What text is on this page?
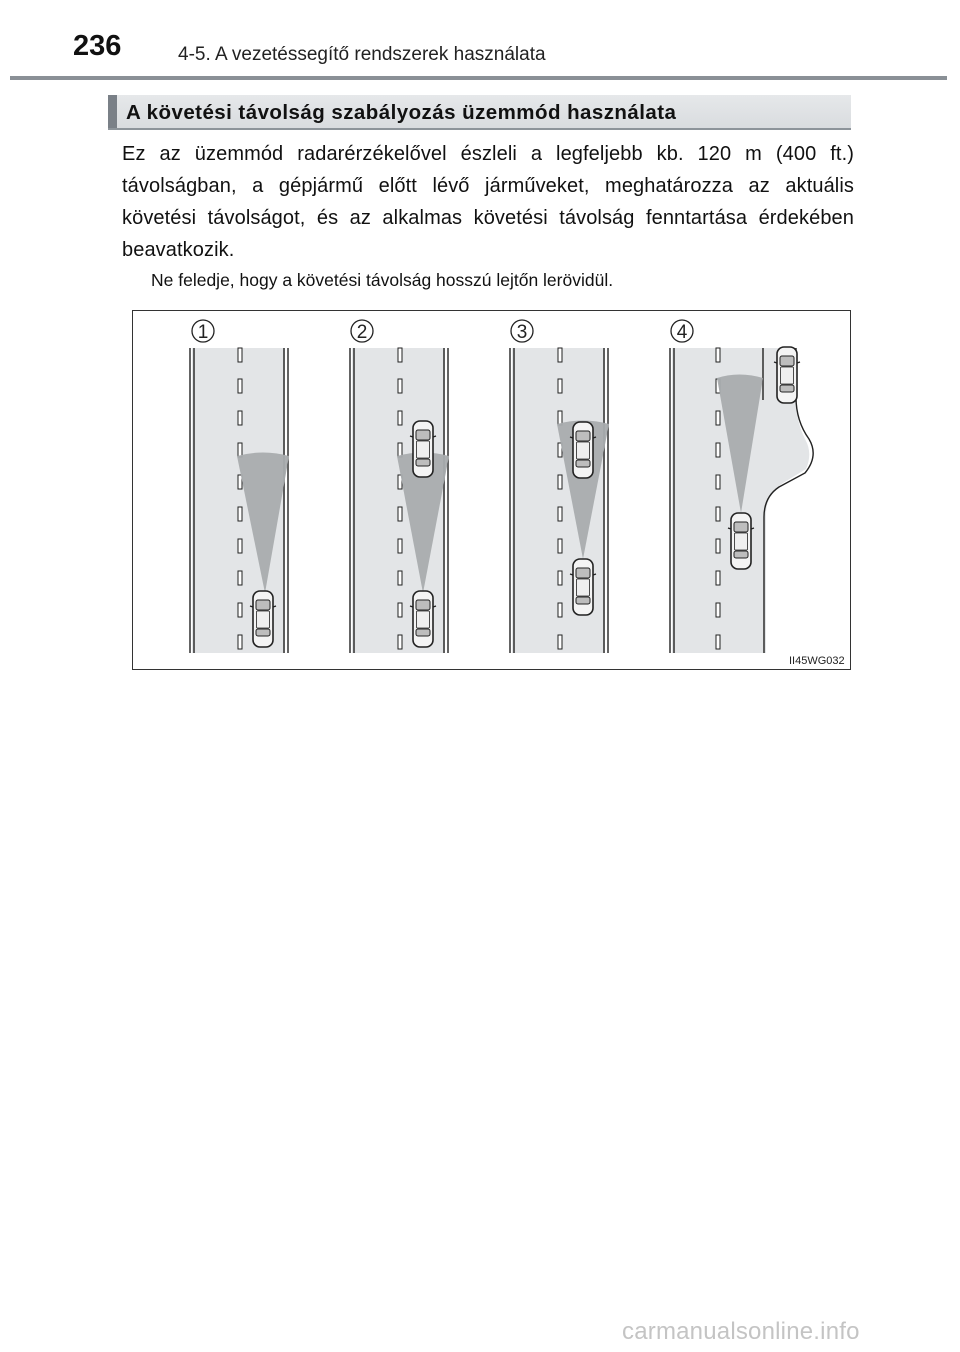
236	4-5. A vezetéssegítő rendszerek használata
A követési távolság szabályozás üzemmód használata
Ez az üzemmód radarérzékelővel észleli a legfeljebb kb. 120 m (400 ft.) távolságban, a gépjármű előtt lévő járműveket, meghatározza az aktuális követési távolságot, és az alkalmas követési távolság fenntartása érdekében beavatkozik.
Ne feledje, hogy a követési távolság hosszú lejtőn lerövidül.
1	2	3	4
II45WG032
carmanualsonline.info
